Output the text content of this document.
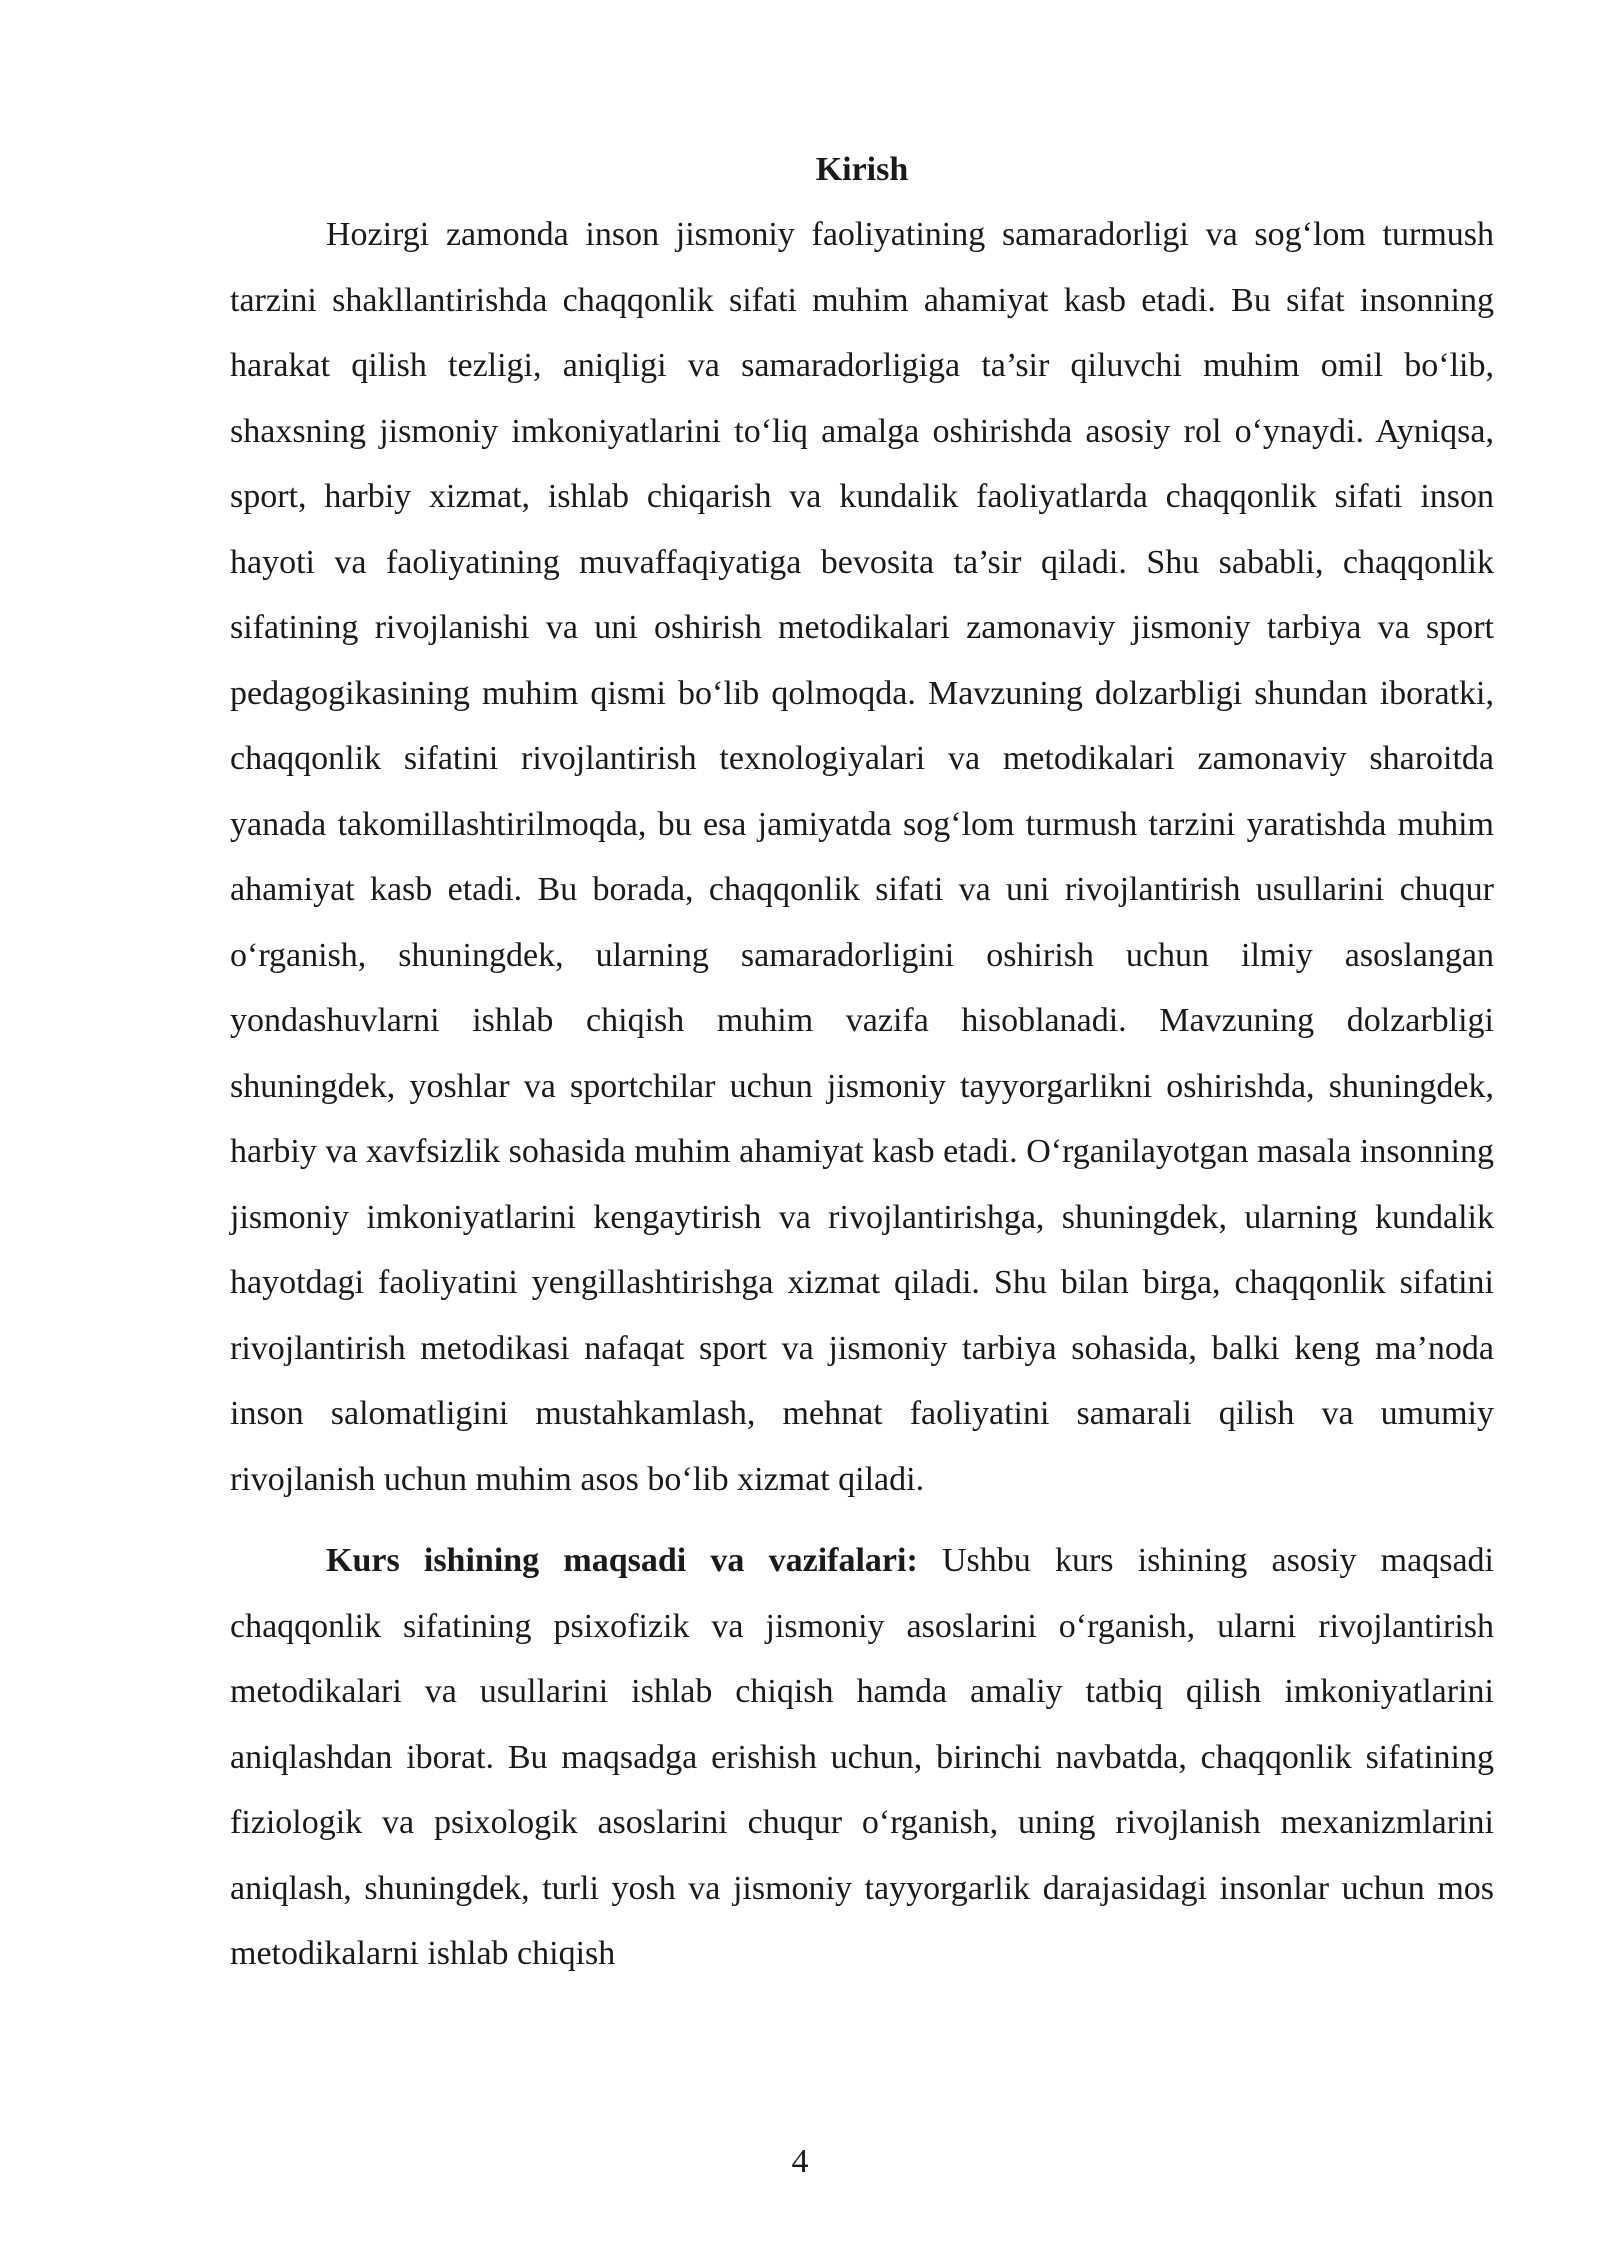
Kirish

Hozirgi zamonda inson jismoniy faoliyatining samaradorligi va sog‘lom turmush tarzini shakllantirishda chaqqonlik sifati muhim ahamiyat kasb etadi. Bu sifat insonning harakat qilish tezligi, aniqligi va samaradorligiga ta’sir qiluvchi muhim omil bo‘lib, shaxsning jismoniy imkoniyatlarini to‘liq amalga oshirishda asosiy rol o‘ynaydi. Ayniqsa, sport, harbiy xizmat, ishlab chiqarish va kundalik faoliyatlarda chaqqonlik sifati inson hayoti va faoliyatining muvaffaqiyatiga bevosita ta’sir qiladi. Shu sababli, chaqqonlik sifatining rivojlanishi va uni oshirish metodikalari zamonaviy jismoniy tarbiya va sport pedagogikasining muhim qismi bo‘lib qolmoqda. Mavzuning dolzarbligi shundan iboratki, chaqqonlik sifatini rivojlantirish texnologiyalari va metodikalari zamonaviy sharoitda yanada takomillashtirilmoqda, bu esa jamiyatda sog‘lom turmush tarzini yaratishda muhim ahamiyat kasb etadi. Bu borada, chaqqonlik sifati va uni rivojlantirish usullarini chuqur o‘rganish, shuningdek, ularning samaradorligini oshirish uchun ilmiy asoslangan yondashuvlarni ishlab chiqish muhim vazifa hisoblanadi. Mavzuning dolzarbligi shuningdek, yoshlar va sportchilar uchun jismoniy tayyorgarlikni oshirishda, shuningdek, harbiy va xavfsizlik sohasida muhim ahamiyat kasb etadi. O‘rganilayotgan masala insonning jismoniy imkoniyatlarini kengaytirish va rivojlantirishga, shuningdek, ularning kundalik hayotdagi faoliyatini yengillashtirishga xizmat qiladi. Shu bilan birga, chaqqonlik sifatini rivojlantirish metodikasi nafaqat sport va jismoniy tarbiya sohasida, balki keng ma’noda inson salomatligini mustahkamlash, mehnat faoliyatini samarali qilish va umumiy rivojlanish uchun muhim asos bo‘lib xizmat qiladi.

Kurs ishining maqsadi va vazifalari: Ushbu kurs ishining asosiy maqsadi chaqqonlik sifatining psixofizik va jismoniy asoslarini o‘rganish, ularni rivojlantirish metodikalari va usullarini ishlab chiqish hamda amaliy tatbiq qilish imkoniyatlarini aniqlashdan iborat. Bu maqsadga erishish uchun, birinchi navbatda, chaqqonlik sifatining fiziologik va psixologik asoslarini chuqur o‘rganish, uning rivojlanish mexanizmlarini aniqlash, shuningdek, turli yosh va jismoniy tayyorgarlik darajasidagi insonlar uchun mos metodikalarni ishlab chiqish

4
